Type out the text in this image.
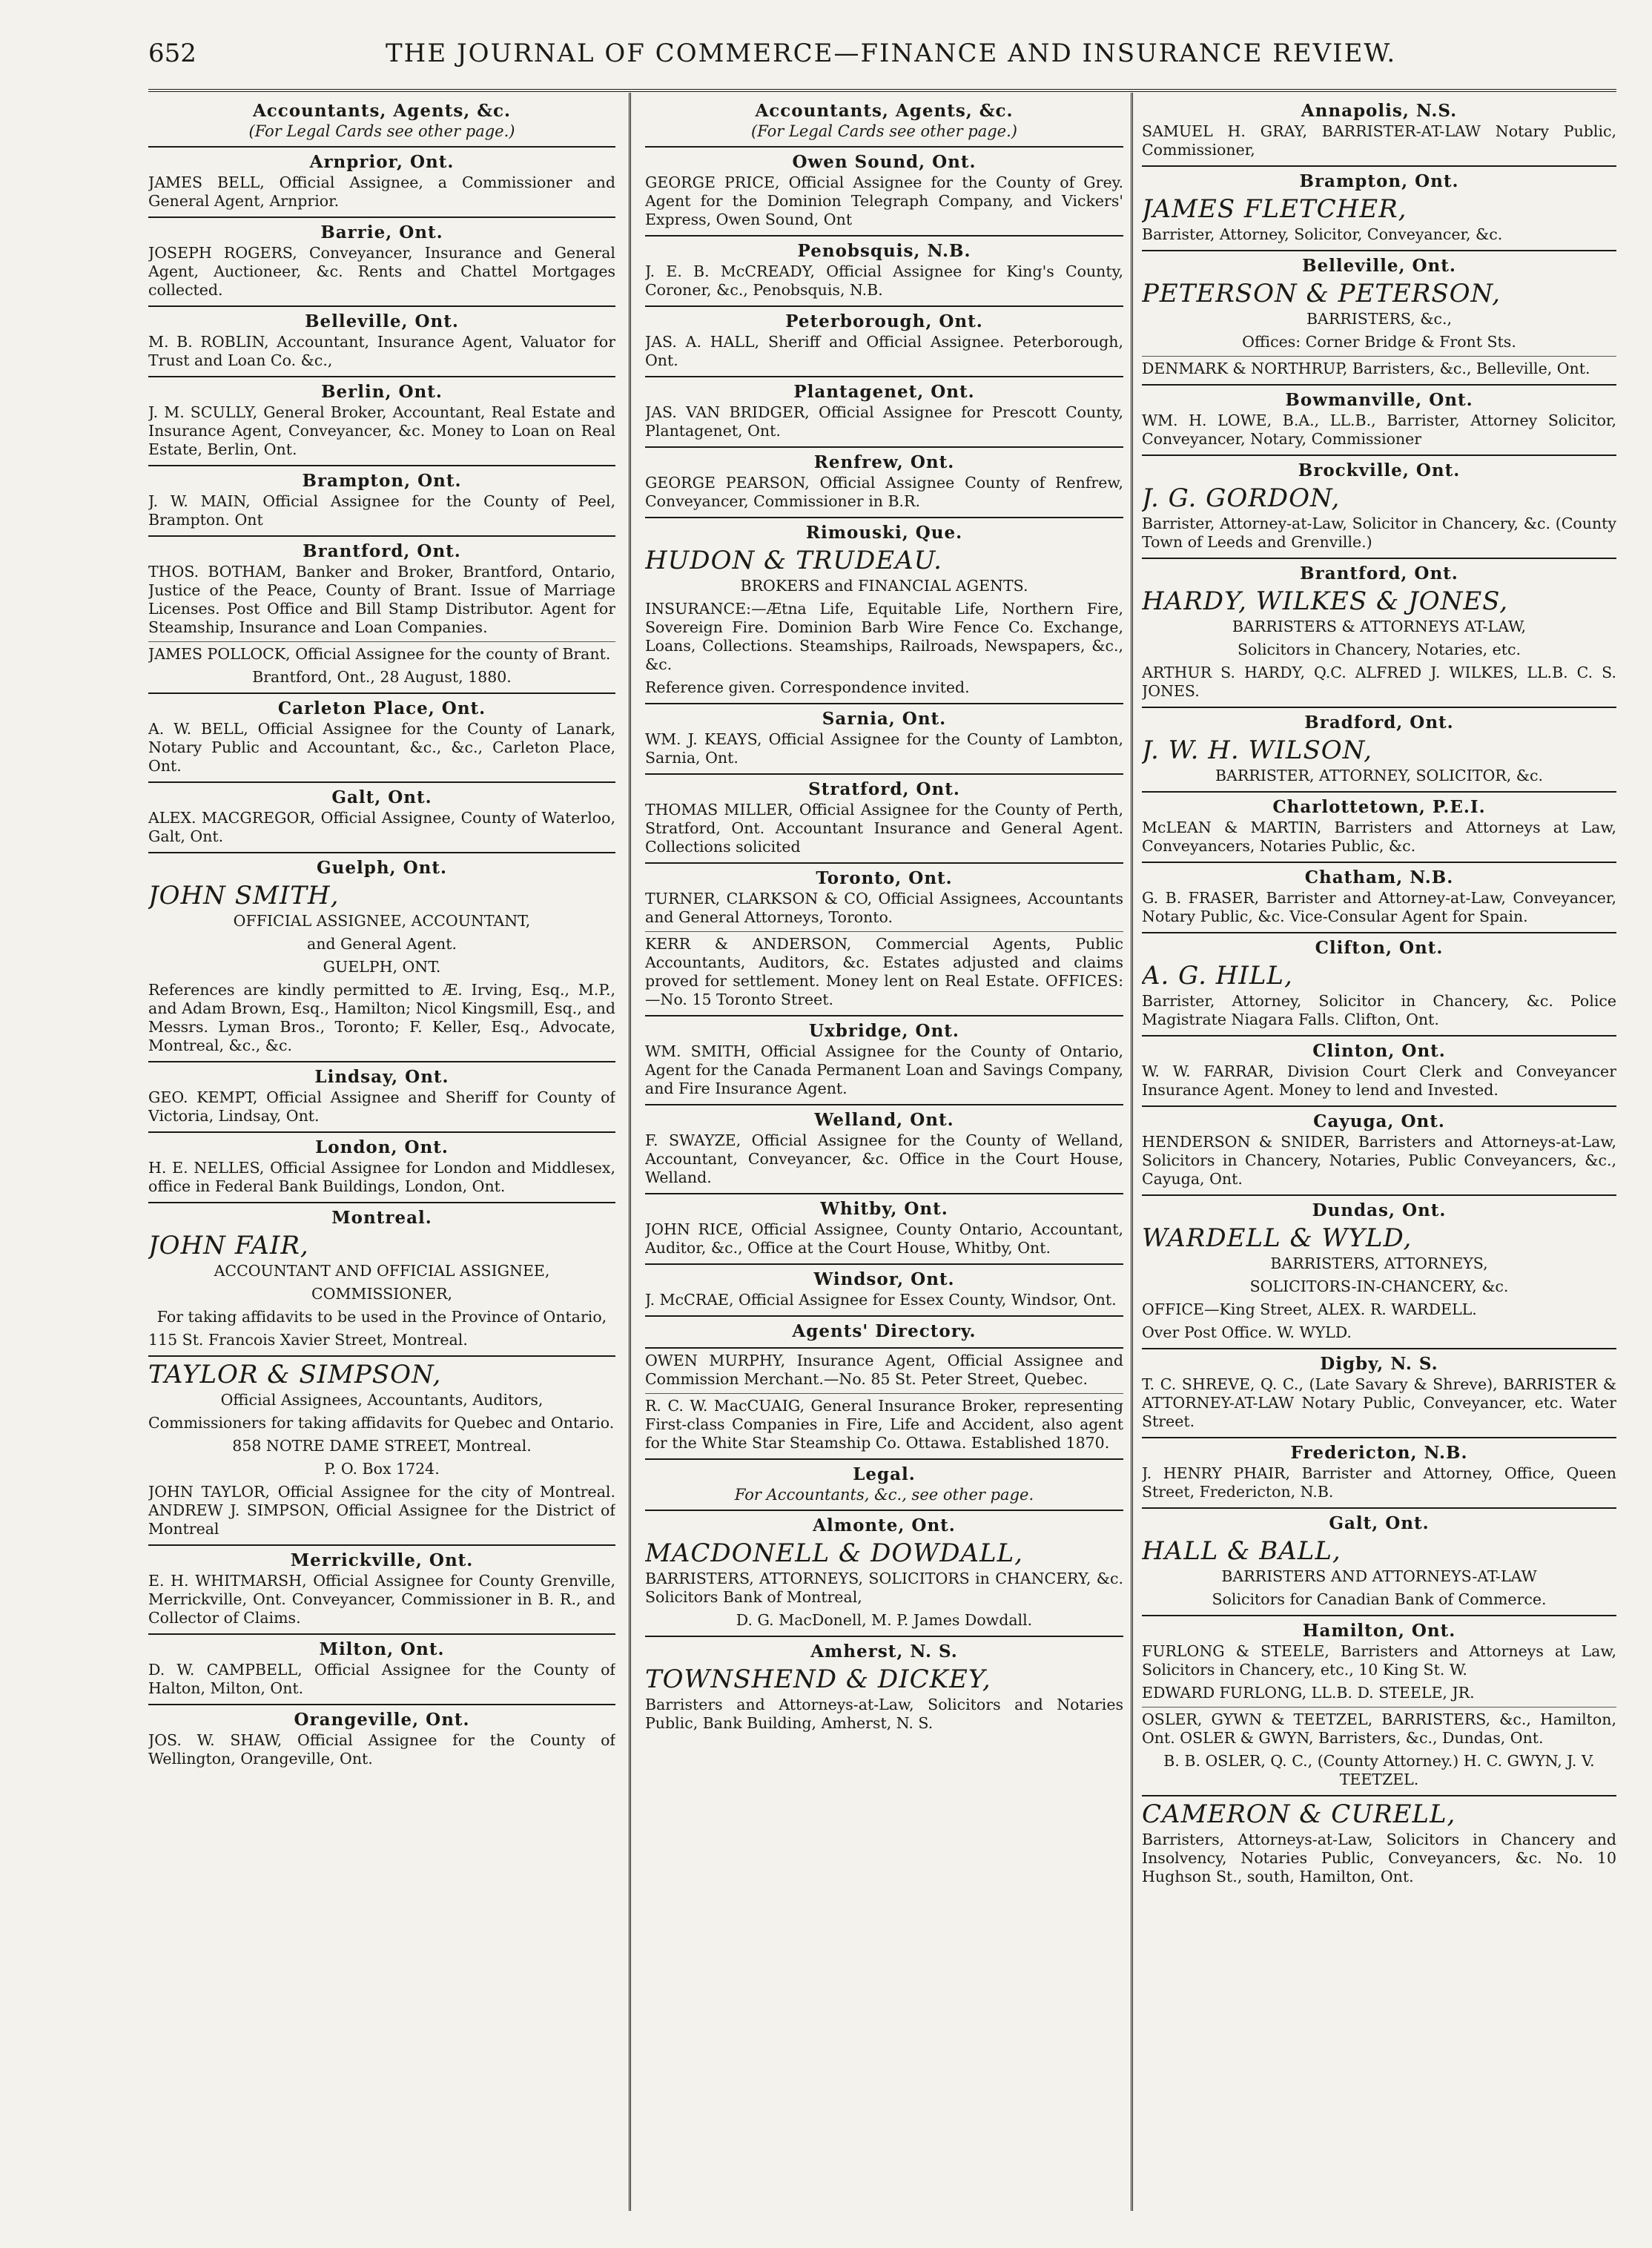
652	THE JOURNAL OF COMMERCE—FINANCE AND INSURANCE REVIEW.
Accountants, Agents, &c.
(For Legal Cards see other page.)
Arnprior, Ont.
JAMES BELL, Official Assignee, a Commissioner and General Agent, Arnprior.
Barrie, Ont.
JOSEPH ROGERS, Conveyancer, Insurance and General Agent, Auctioneer, &c. Rents and Chattel Mortgages collected.
Belleville, Ont.
M. B. ROBLIN, Accountant, Insurance Agent, Valuator for Trust and Loan Co. &c.,
Berlin, Ont.
J. M. SCULLY, General Broker, Accountant, Real Estate and Insurance Agent, Conveyancer, &c. Money to Loan on Real Estate, Berlin, Ont.
Brampton, Ont.
J. W. MAIN, Official Assignee for the County of Peel, Brampton. Ont
Brantford, Ont.
THOS. BOTHAM, Banker and Broker, Brantford, Ontario, Justice of the Peace, County of Brant. Issue of Marriage Licenses. Post Office and Bill Stamp Distributor. Agent for Steamship, Insurance and Loan Companies.
JAMES POLLOCK, Official Assignee for the county of Brant.
Brantford, Ont., 28 August, 1880.
Carleton Place, Ont.
A. W. BELL, Official Assignee for the County of Lanark, Notary Public and Accountant, &c., &c., Carleton Place, Ont.
Galt, Ont.
ALEX. MACGREGOR, Official Assignee, County of Waterloo, Galt, Ont.
Guelph, Ont.
JOHN SMITH,
OFFICIAL ASSIGNEE, ACCOUNTANT,
and General Agent.
GUELPH, ONT.
References are kindly permitted to Æ. Irving, Esq., M.P., and Adam Brown, Esq., Hamilton; Nicol Kingsmill, Esq., and Messrs. Lyman Bros., Toronto; F. Keller, Esq., Advocate, Montreal, &c., &c.
Lindsay, Ont.
GEO. KEMPT, Official Assignee and Sheriff for County of Victoria, Lindsay, Ont.
London, Ont.
H. E. NELLES, Official Assignee for London and Middlesex, office in Federal Bank Buildings, London, Ont.
Montreal.
JOHN FAIR,
ACCOUNTANT AND OFFICIAL ASSIGNEE,
COMMISSIONER,
For taking affidavits to be used in the Province of Ontario,
115 St. Francois Xavier Street, Montreal.
TAYLOR & SIMPSON,
Official Assignees, Accountants, Auditors,
Commissioners for taking affidavits for Quebec and Ontario.
858 NOTRE DAME STREET, Montreal.
P. O. Box 1724.
JOHN TAYLOR, Official Assignee for the city of Montreal. ANDREW J. SIMPSON, Official Assignee for the District of Montreal
Merrickville, Ont.
E. H. WHITMARSH, Official Assignee for County Grenville, Merrickville, Ont. Conveyancer, Commissioner in B. R., and Collector of Claims.
Milton, Ont.
D. W. CAMPBELL, Official Assignee for the County of Halton, Milton, Ont.
Orangeville, Ont.
JOS. W. SHAW, Official Assignee for the County of Wellington, Orangeville, Ont.
Accountants, Agents, &c.
(For Legal Cards see other page.)
Owen Sound, Ont.
GEORGE PRICE, Official Assignee for the County of Grey. Agent for the Dominion Telegraph Company, and Vickers' Express, Owen Sound, Ont
Penobsquis, N.B.
J. E. B. McCREADY, Official Assignee for King's County, Coroner, &c., Penobsquis, N.B.
Peterborough, Ont.
JAS. A. HALL, Sheriff and Official Assignee. Peterborough, Ont.
Plantagenet, Ont.
JAS. VAN BRIDGER, Official Assignee for Prescott County, Plantagenet, Ont.
Renfrew, Ont.
GEORGE PEARSON, Official Assignee County of Renfrew, Conveyancer, Commissioner in B.R.
Rimouski, Que.
HUDON & TRUDEAU.
BROKERS and FINANCIAL AGENTS.
INSURANCE:—Ætna Life, Equitable Life, Northern Fire, Sovereign Fire. Dominion Barb Wire Fence Co. Exchange, Loans, Collections. Steamships, Railroads, Newspapers, &c., &c.
Reference given. Correspondence invited.
Sarnia, Ont.
WM. J. KEAYS, Official Assignee for the County of Lambton, Sarnia, Ont.
Stratford, Ont.
THOMAS MILLER, Official Assignee for the County of Perth, Stratford, Ont. Accountant Insurance and General Agent. Collections solicited
Toronto, Ont.
TURNER, CLARKSON & CO, Official Assignees, Accountants and General Attorneys, Toronto.
KERR & ANDERSON, Commercial Agents, Public Accountants, Auditors, &c. Estates adjusted and claims proved for settlement. Money lent on Real Estate. OFFICES:—No. 15 Toronto Street.
Uxbridge, Ont.
WM. SMITH, Official Assignee for the County of Ontario, Agent for the Canada Permanent Loan and Savings Company, and Fire Insurance Agent.
Welland, Ont.
F. SWAYZE, Official Assignee for the County of Welland, Accountant, Conveyancer, &c. Office in the Court House, Welland.
Whitby, Ont.
JOHN RICE, Official Assignee, County Ontario, Accountant, Auditor, &c., Office at the Court House, Whitby, Ont.
Windsor, Ont.
J. McCRAE, Official Assignee for Essex County, Windsor, Ont.
Agents' Directory.
OWEN MURPHY, Insurance Agent, Official Assignee and Commission Merchant.—No. 85 St. Peter Street, Quebec.
R. C. W. MacCUAIG, General Insurance Broker, representing First-class Companies in Fire, Life and Accident, also agent for the White Star Steamship Co. Ottawa. Established 1870.
Legal.
For Accountants, &c., see other page.
Almonte, Ont.
MACDONELL & DOWDALL,
BARRISTERS, ATTORNEYS, SOLICITORS in CHANCERY, &c. Solicitors Bank of Montreal,
D. G. MacDonell, M. P. James Dowdall.
Amherst, N. S.
TOWNSHEND & DICKEY,
Barristers and Attorneys-at-Law, Solicitors and Notaries Public, Bank Building, Amherst, N. S.
Annapolis, N.S.
SAMUEL H. GRAY, BARRISTER-AT-LAW Notary Public, Commissioner,
Brampton, Ont.
JAMES FLETCHER,
Barrister, Attorney, Solicitor, Conveyancer, &c.
Belleville, Ont.
PETERSON & PETERSON,
BARRISTERS, &c.,
Offices: Corner Bridge & Front Sts.
DENMARK & NORTHRUP, Barristers, &c., Belleville, Ont.
Bowmanville, Ont.
WM. H. LOWE, B.A., LL.B., Barrister, Attorney Solicitor, Conveyancer, Notary, Commissioner
Brockville, Ont.
J. G. GORDON,
Barrister, Attorney-at-Law, Solicitor in Chancery, &c. (County Town of Leeds and Grenville.)
Brantford, Ont.
HARDY, WILKES & JONES,
BARRISTERS & ATTORNEYS AT-LAW,
Solicitors in Chancery, Notaries, etc.
ARTHUR S. HARDY, Q.C. ALFRED J. WILKES, LL.B. C. S. JONES.
Bradford, Ont.
J. W. H. WILSON,
BARRISTER, ATTORNEY, SOLICITOR, &c.
Charlottetown, P.E.I.
McLEAN & MARTIN, Barristers and Attorneys at Law, Conveyancers, Notaries Public, &c.
Chatham, N.B.
G. B. FRASER, Barrister and Attorney-at-Law, Conveyancer, Notary Public, &c. Vice-Consular Agent for Spain.
Clifton, Ont.
A. G. HILL,
Barrister, Attorney, Solicitor in Chancery, &c. Police Magistrate Niagara Falls. Clifton, Ont.
Clinton, Ont.
W. W. FARRAR, Division Court Clerk and Conveyancer Insurance Agent. Money to lend and Invested.
Cayuga, Ont.
HENDERSON & SNIDER, Barristers and Attorneys-at-Law, Solicitors in Chancery, Notaries, Public Conveyancers, &c., Cayuga, Ont.
Dundas, Ont.
WARDELL & WYLD,
BARRISTERS, ATTORNEYS,
SOLICITORS-IN-CHANCERY, &c.
OFFICE—King Street, ALEX. R. WARDELL.
Over Post Office. W. WYLD.
Digby, N. S.
T. C. SHREVE, Q. C., (Late Savary & Shreve), BARRISTER & ATTORNEY-AT-LAW Notary Public, Conveyancer, etc. Water Street.
Fredericton, N.B.
J. HENRY PHAIR, Barrister and Attorney, Office, Queen Street, Fredericton, N.B.
Galt, Ont.
HALL & BALL,
BARRISTERS AND ATTORNEYS-AT-LAW
Solicitors for Canadian Bank of Commerce.
Hamilton, Ont.
FURLONG & STEELE, Barristers and Attorneys at Law, Solicitors in Chancery, etc., 10 King St. W.
EDWARD FURLONG, LL.B. D. STEELE, JR.
OSLER, GYWN & TEETZEL, BARRISTERS, &c., Hamilton, Ont. OSLER & GWYN, Barristers, &c., Dundas, Ont.
B. B. OSLER, Q. C., (County Attorney.) H. C. GWYN, J. V. TEETZEL.
CAMERON & CURELL,
Barristers, Attorneys-at-Law, Solicitors in Chancery and Insolvency, Notaries Public, Conveyancers, &c. No. 10 Hughson St., south, Hamilton, Ont.
